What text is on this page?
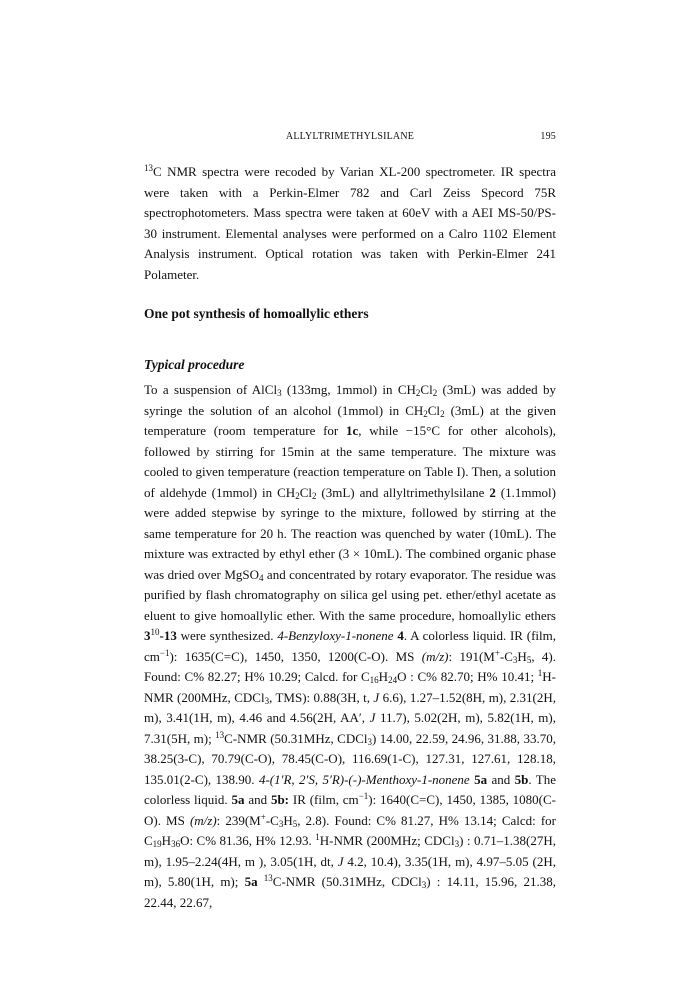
ALLYLTRIMETHYLSILANE	195

$^{13}$C NMR spectra were recoded by Varian XL-200 spectrometer. IR spectra were taken with a Perkin-Elmer 782 and Carl Zeiss Specord 75R spectrophotometers. Mass spectra were taken at 60eV with a AEI MS-50/PS-30 instrument. Elemental analyses were performed on a Calro 1102 Element Analysis instrument. Optical rotation was taken with Perkin-Elmer 241 Polameter.

One pot synthesis of homoallylic ethers
Typical procedure

To a suspension of AlCl$_3$ (133mg, 1mmol) in $CH_2Cl_2$ (3mL) was added by syringe the solution of an alcohol (1mmol) in $CH_2Cl_2$ (3mL) at the given temperature (room temperature for 1c, while −15°C for other alcohols), followed by stirring for 15min at the same temperature. The mixture was cooled to given temperature (reaction temperature on Table I). Then, a solution of aldehyde (1mmol) in $CH_2Cl_2$ (3mL) and allyltrimethylsilane 2 (1.1mmol) were added stepwise by syringe to the mixture, followed by stirring at the same temperature for 20 h. The reaction was quenched by water (10mL). The mixture was extracted by ethyl ether (3 × 10mL). The combined organic phase was dried over MgSO$_4$ and concentrated by rotary evaporator. The residue was purified by flash chromatography on silica gel using pet. ether/ethyl acetate as eluent to give homoallylic ether. With the same procedure, homoallylic ethers $3^{10}-13$ were synthesized. 4-Benzyloxy-1-nonene 4. A colorless liquid. IR (film, $cm^{-1}$): 1635(C=C), 1450, 1350, 1200(C-O). MS (m/z): $191(M^+-C_3H_5$, 4). Found: C% 82.27; H% 10.29; Calcd. for $C_{16}H_{24}O$ : C% 82.70; H% 10.41; $^1$H-NMR (200MHz, CDCl$_3$, TMS): 0.88(3H, t, J 6.6), 1.27–1.52(8H, m), 2.31(2H, m), 3.41(1H, m), 4.46 and 4.56(2H, AA′, J 11.7), 5.02(2H, m), 5.82(1H, m), 7.31(5H, m); $^{13}$C-NMR (50.31MHz, CDCl$_3$) 14.00, 22.59, 24.96, 31.88, 33.70, 38.25(3-C), 70.79(C-O), 78.45(C-O), 116.69(1-C), 127.31, 127.61, 128.18, 135.01(2-C), 138.90. 4-(1′R, 2′S, 5′R)-(-)-Menthoxy-1-nonene 5a and 5b. The colorless liquid. 5a and 5b: IR (film, $cm^{-1}$): 1640(C=C), 1450, 1385, 1080(C-O). MS (m/z): $239(M^+-C_3H_5$, 2.8). Found: C% 81.27, H% 13.14; Calcd: for $C_{19}H_{36}O$: C% 81.36, H% 12.93. $^1$H-NMR (200MHz; CDCl$_3$) : 0.71–1.38(27H, m), 1.95–2.24(4H, m ), 3.05(1H, dt, J 4.2, 10.4), 3.35(1H, m), 4.97–5.05 (2H, m), 5.80(1H, m); 5a $^{13}$C-NMR (50.31MHz, CDCl$_3$) : 14.11, 15.96, 21.38, 22.44, 22.67,
